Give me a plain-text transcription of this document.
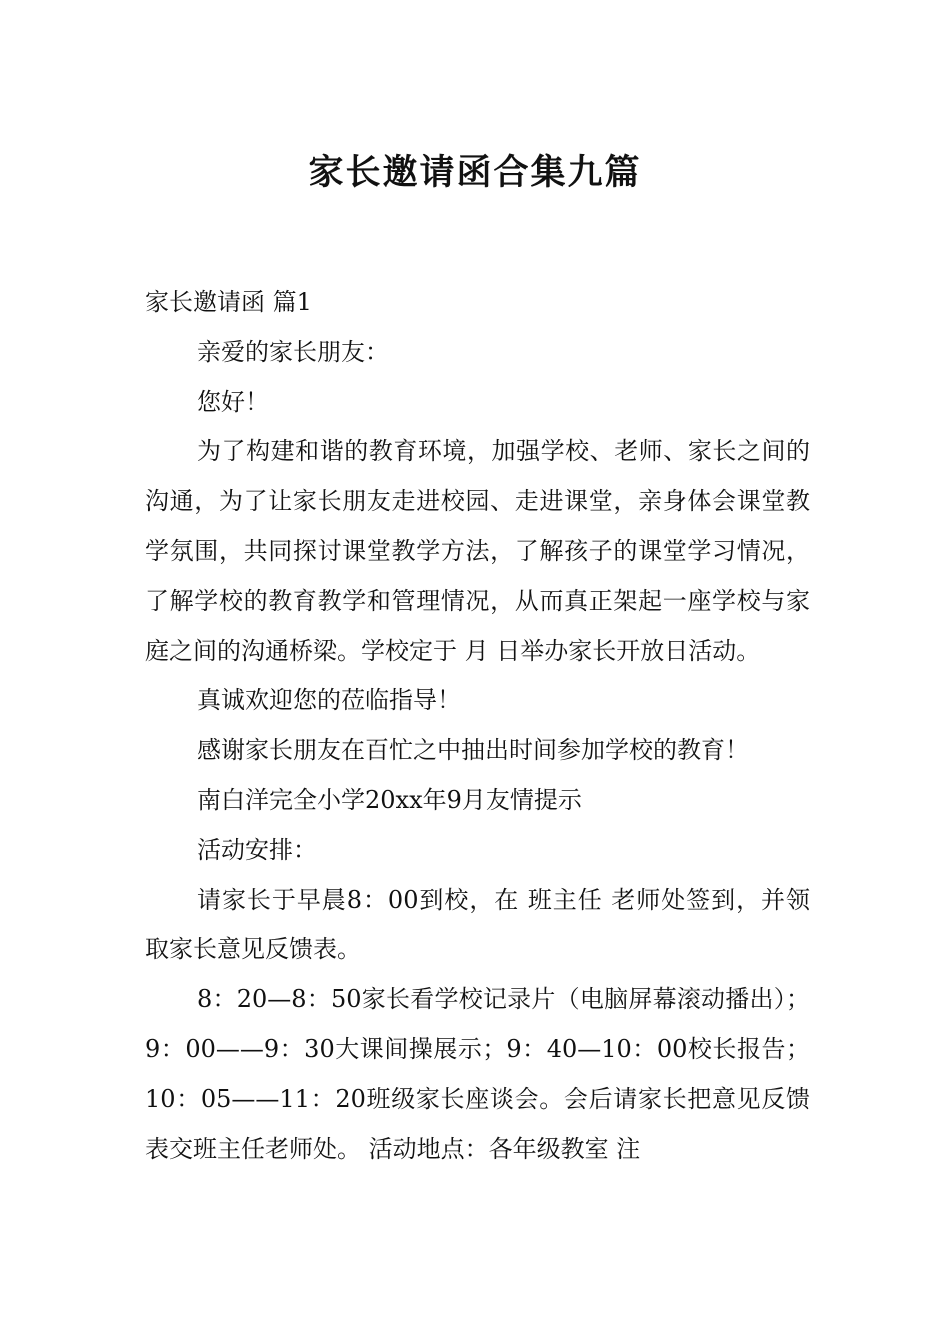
家长邀请函合集九篇

家长邀请函 篇1

亲爱的家长朋友：

您好！

为了构建和谐的教育环境，加强学校、老师、家长之间的沟通，为了让家长朋友走进校园、走进课堂，亲身体会课堂教学氛围，共同探讨课堂教学方法，了解孩子的课堂学习情况，了解学校的教育教学和管理情况，从而真正架起一座学校与家庭之间的沟通桥梁。学校定于 月 日举办家长开放日活动。

真诚欢迎您的莅临指导！

感谢家长朋友在百忙之中抽出时间参加学校的教育！

南白洋完全小学20xx年9月友情提示

活动安排：

请家长于早晨8：00到校，在 班主任 老师处签到，并领取家长意见反馈表。

8：20—8：50家长看学校记录片（电脑屏幕滚动播出）；9：00——9：30大课间操展示；9：40—10：00校长报告；10：05——11：20班级家长座谈会。会后请家长把意见反馈表交班主任老师处。 活动地点：各年级教室 注
